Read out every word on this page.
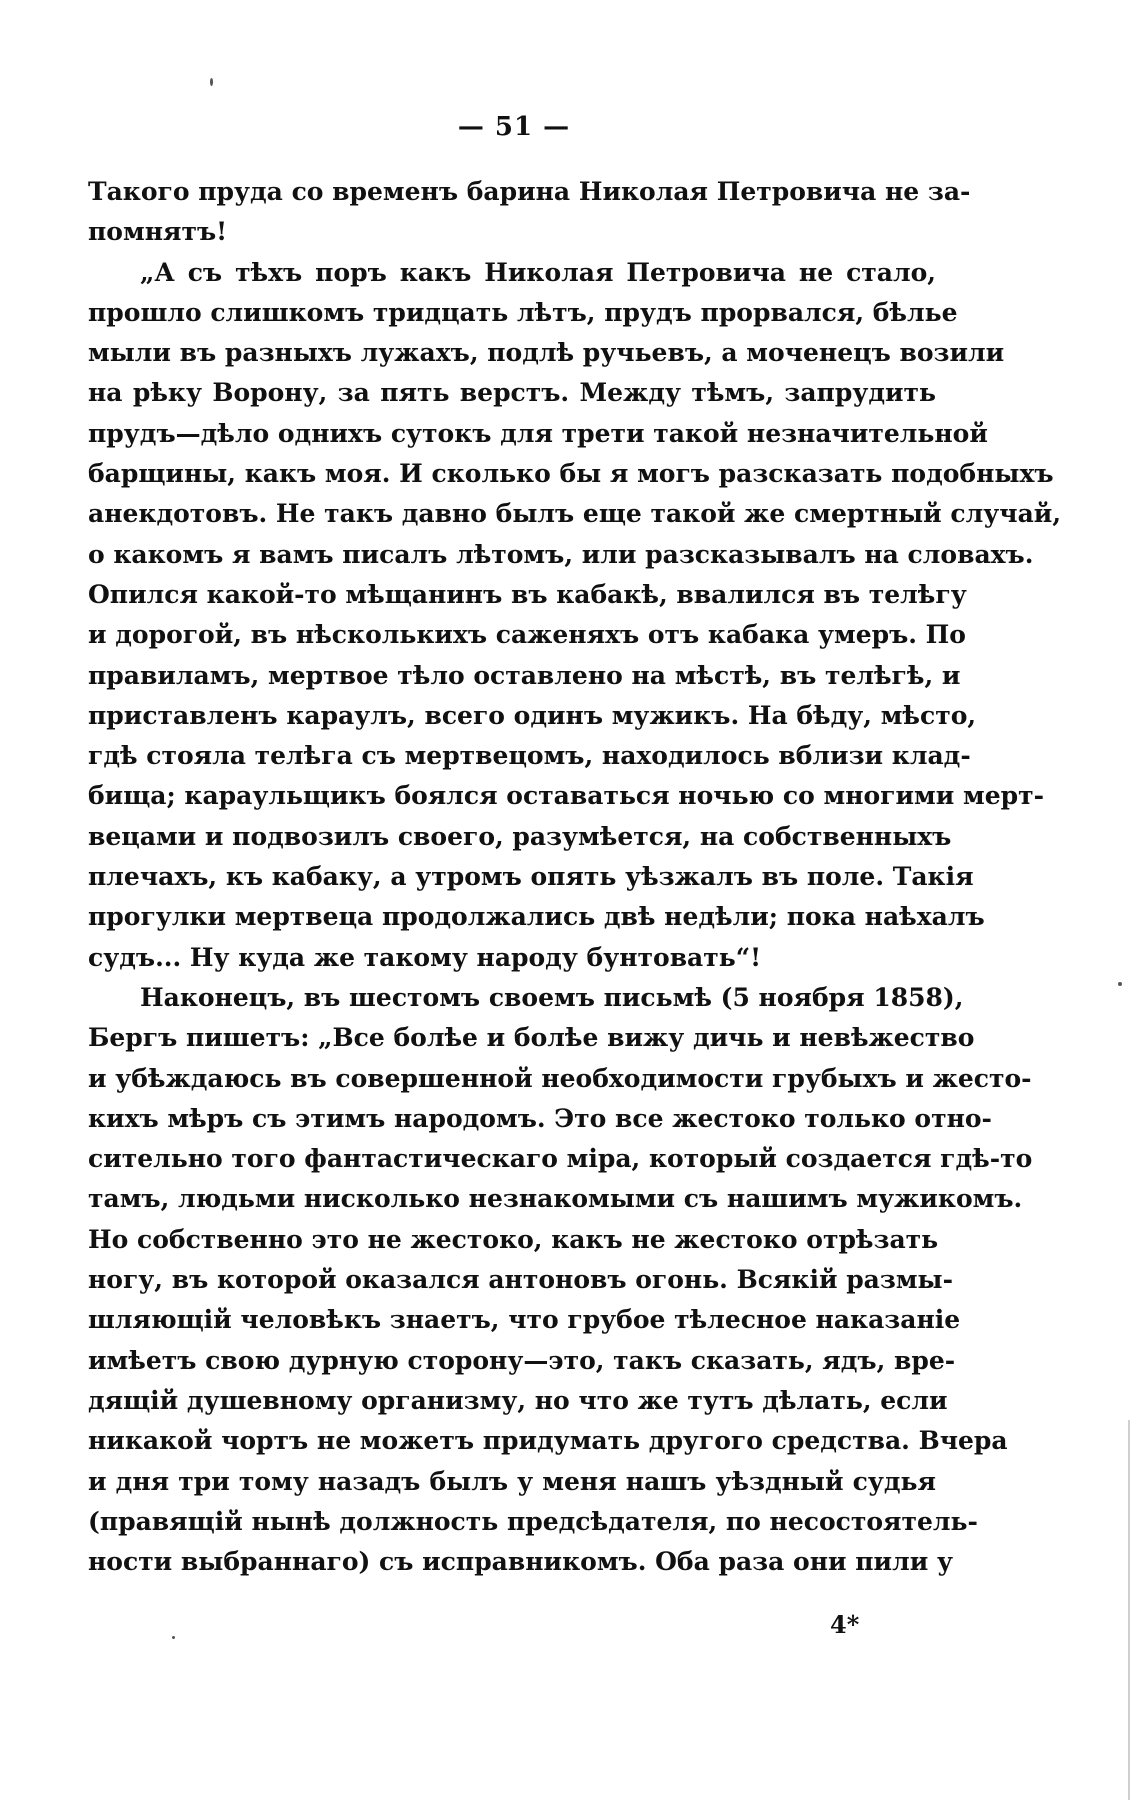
— 51 —
Такого пруда со временъ барина Николая Петровича не за-
помнятъ!
„А съ тѣхъ поръ какъ Николая Петровича не стало,
прошло слишкомъ тридцать лѣтъ, прудъ прорвался, бѣлье
мыли въ разныхъ лужахъ, подлѣ ручьевъ, а моченецъ возили
на рѣку Ворону, за пять верстъ. Между тѣмъ, запрудить
прудъ—дѣло однихъ сутокъ для трети такой незначительной
барщины, какъ моя. И сколько бы я могъ разсказать подобныхъ
анекдотовъ. Не такъ давно былъ еще такой же смертный случай,
о какомъ я вамъ писалъ лѣтомъ, или разсказывалъ на словахъ.
Опился какой-то мѣщанинъ въ кабакѣ, ввалился въ телѣгу
и дорогой, въ нѣсколькихъ саженяхъ отъ кабака умеръ. По
правиламъ, мертвое тѣло оставлено на мѣстѣ, въ телѣгѣ, и
приставленъ караулъ, всего одинъ мужикъ. На бѣду, мѣсто,
гдѣ стояла телѣга съ мертвецомъ, находилось вблизи клад-
бища; караульщикъ боялся оставаться ночью со многими мерт-
вецами и подвозилъ своего, разумѣется, на собственныхъ
плечахъ, къ кабаку, а утромъ опять уѣзжалъ въ поле. Такія
прогулки мертвеца продолжались двѣ недѣли; пока наѣхалъ
судъ... Ну куда же такому народу бунтовать“!
Наконецъ, въ шестомъ своемъ письмѣ (5 ноября 1858),
Бергъ пишетъ: „Все болѣе и болѣе вижу дичь и невѣжество
и убѣждаюсь въ совершенной необходимости грубыхъ и жесто-
кихъ мѣръ съ этимъ народомъ. Это все жестоко только отно-
сительно того фантастическаго міра, который создается гдѣ-то
тамъ, людьми нисколько незнакомыми съ нашимъ мужикомъ.
Но собственно это не жестоко, какъ не жестоко отрѣзать
ногу, въ которой оказался антоновъ огонь. Всякій размы-
шляющій человѣкъ знаетъ, что грубое тѣлесное наказаніе
имѣетъ свою дурную сторону—это, такъ сказать, ядъ, вре-
дящій душевному организму, но что же тутъ дѣлать, если
никакой чортъ не можетъ придумать другого средства. Вчера
и дня три тому назадъ былъ у меня нашъ уѣздный судья
(правящій нынѣ должность предсѣдателя, по несостоятель-
ности выбраннаго) съ исправникомъ. Оба раза они пили у
4*
